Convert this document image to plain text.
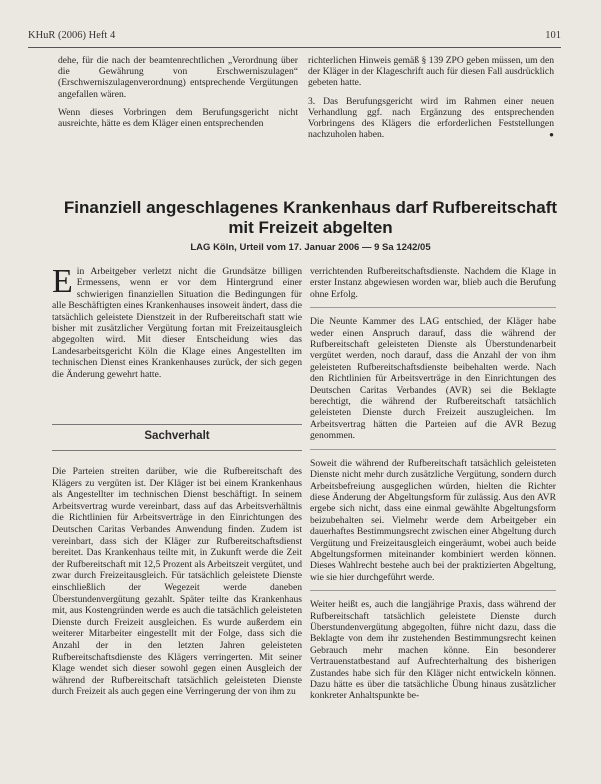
KHuR (2006) Heft 4	101

dehe, für die nach der beamtenrechtlichen „Verordnung über die Gewährung von Erschwerniszulagen“ (Erschwerniszulagenverordnung) entsprechende Vergütungen angefallen wären.

Wenn dieses Vorbringen dem Berufungsgericht nicht ausreichte, hätte es dem Kläger einen entsprechenden

richterlichen Hinweis gemäß § 139 ZPO geben müssen, um den der Kläger in der Klageschrift auch für diesen Fall ausdrücklich gebeten hatte.

3. Das Berufungsgericht wird im Rahmen einer neuen Verhandlung ggf. nach Ergänzung des entsprechenden Vorbringens des Klägers die erforderlichen Feststellungen nachzuholen haben.	●

Finanziell angeschlagenes Krankenhaus darf Rufbereitschaft
mit Freizeit abgelten
LAG Köln, Urteil vom 17. Januar 2006 — 9 Sa 1242/05
E in Arbeitgeber verletzt nicht die Grundsätze billigen Ermessens, wenn er vor dem Hintergrund einer schwierigen finanziellen Situation die Bedingungen für alle Beschäftigten eines Krankenhauses insoweit ändert, dass die tatsächlich geleistete Dienstzeit in der Rufbereitschaft statt wie bisher mit zusätzlicher Vergütung fortan mit Freizeitausgleich abgegolten wird. Mit dieser Entscheidung wies das Landesarbeitsgericht Köln die Klage eines Angestellten im technischen Dienst eines Krankenhauses zurück, der sich gegen die Änderung gewehrt hatte.
Sachverhalt

Die Parteien streiten darüber, wie die Rufbereitschaft des Klägers zu vergüten ist. Der Kläger ist bei einem Krankenhaus als Angestellter im technischen Dienst beschäftigt. In seinem Arbeitsvertrag wurde vereinbart, dass auf das Arbeitsverhältnis die Richtlinien für Arbeitsverträge in den Einrichtungen des Deutschen Caritas Verbandes Anwendung finden. Zudem ist vereinbart, dass sich der Kläger zur Rufbereitschaftsdienst bereitet. Das Krankenhaus teilte mit, in Zukunft werde die Zeit der Rufbereitschaft mit 12,5 Prozent als Arbeitszeit vergütet, und zwar durch Freizeitausgleich. Für tatsächlich geleistete Dienste einschließlich der Wegezeit werde daneben Überstundenvergütung gezahlt. Später teilte das Krankenhaus mit, aus Kostengründen werde es auch die tatsächlich geleisteten Dienste durch Freizeit ausgleichen. Es wurde außerdem ein weiterer Mitarbeiter eingestellt mit der Folge, dass sich die Anzahl der in den letzten Jahren geleisteten Rufbereitschaftsdienste des Klägers verringerten. Mit seiner Klage wendet sich dieser sowohl gegen einen Ausgleich der während der Rufbereitschaft tatsächlich geleisteten Dienste durch Freizeit als auch gegen eine Verringerung der von ihm zu

verrichtenden Rufbereitschaftsdienste. Nachdem die Klage in erster Instanz abgewiesen worden war, blieb auch die Berufung ohne Erfolg.

Die Neunte Kammer des LAG entschied, der Kläger habe weder einen Anspruch darauf, dass die während der Rufbereitschaft geleisteten Dienste als Überstundenarbeit vergütet werden, noch darauf, dass die Anzahl der von ihm geleisteten Rufbereitschaftsdienste beibehalten werde. Nach den Richtlinien für Arbeitsverträge in den Einrichtungen des Deutschen Caritas Verbandes (AVR) sei die Beklagte berechtigt, die während der Rufbereitschaft tatsächlich geleisteten Dienste durch Freizeit auszugleichen. Im Arbeitsvertrag hätten die Parteien auf die AVR Bezug genommen.

Soweit die während der Rufbereitschaft tatsächlich geleisteten Dienste nicht mehr durch zusätzliche Vergütung, sondern durch Arbeitsbefreiung ausgeglichen würden, hielten die Richter diese Änderung der Abgeltungsform für zulässig. Aus den AVR ergebe sich nicht, dass eine einmal gewählte Abgeltungsform beizubehalten sei. Vielmehr werde dem Arbeitgeber ein dauerhaftes Bestimmungsrecht zwischen einer Abgeltung durch Vergütung und Freizeitausgleich eingeräumt, wobei auch beide Abgeltungsformen miteinander kombiniert werden können. Dieses Wahlrecht bestehe auch bei der praktizierten Abgeltung, wie sie hier durchgeführt werde.

Weiter heißt es, auch die langjährige Praxis, dass während der Rufbereitschaft tatsächlich geleistete Dienste durch Überstundenvergütung abgegolten, führe nicht dazu, dass die Beklagte von dem ihr zustehenden Bestimmungsrecht keinen Gebrauch mehr machen könne. Ein besonderer Vertrauenstatbestand auf Aufrechterhaltung des bisherigen Zustandes habe sich für den Kläger nicht entwickeln können. Dazu hätte es über die tatsächliche Übung hinaus zusätzlicher konkreter Anhaltspunkte be-
